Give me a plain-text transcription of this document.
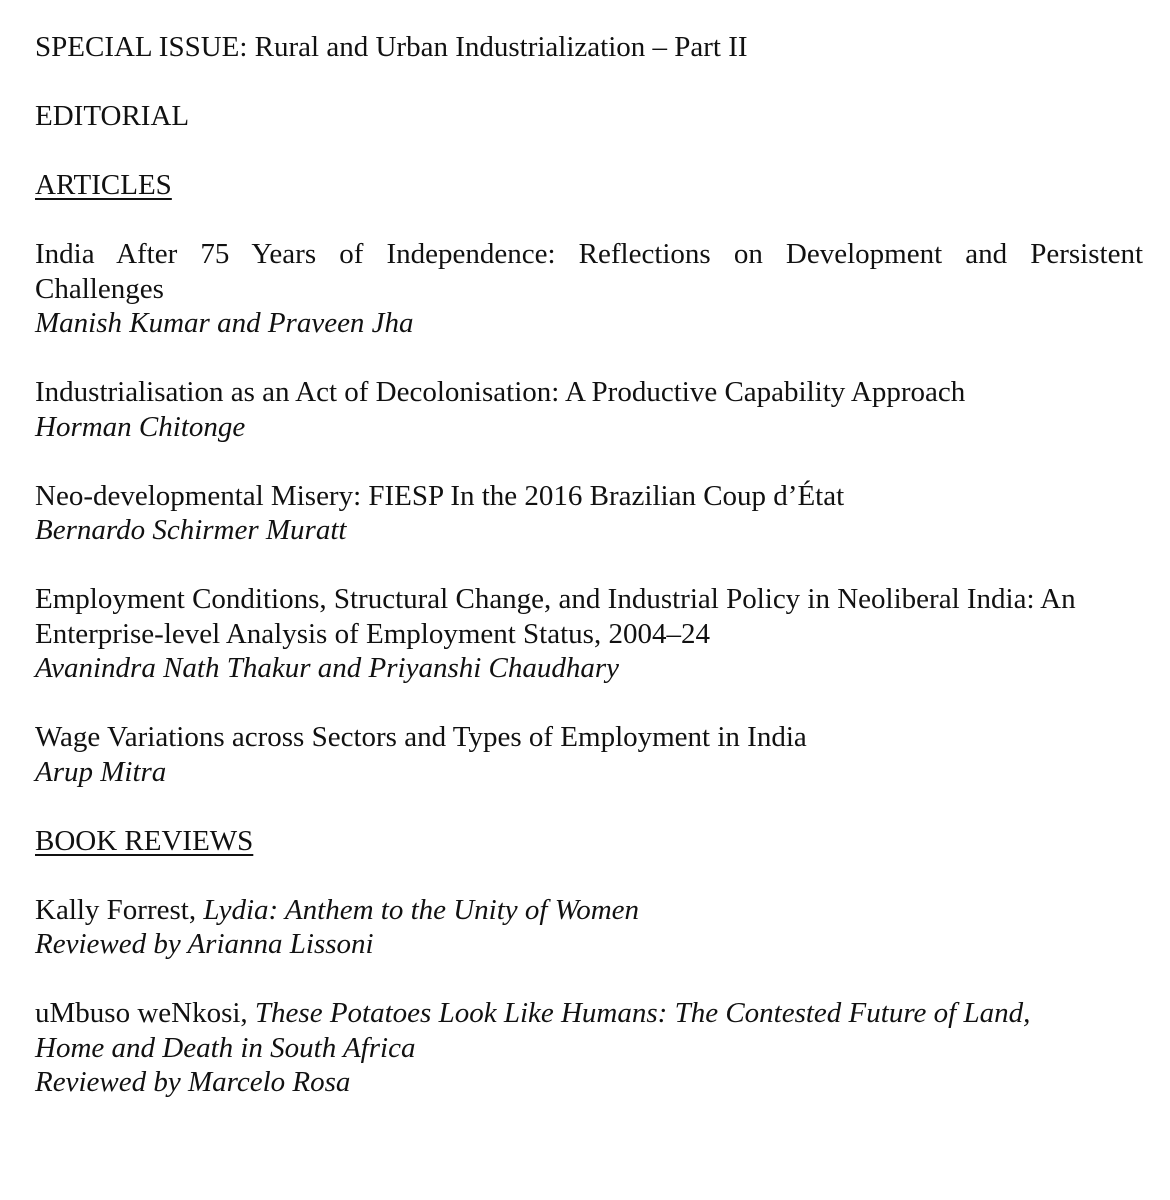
SPECIAL ISSUE: Rural and Urban Industrialization – Part II
EDITORIAL
ARTICLES
India After 75 Years of Independence: Reflections on Development and Persistent
Challenges
Manish Kumar and Praveen Jha
Industrialisation as an Act of Decolonisation: A Productive Capability Approach
Horman Chitonge
Neo-developmental Misery: FIESP In the 2016 Brazilian Coup d’État
Bernardo Schirmer Muratt
Employment Conditions, Structural Change, and Industrial Policy in Neoliberal India: An
Enterprise-level Analysis of Employment Status, 2004–24
Avanindra Nath Thakur and Priyanshi Chaudhary
Wage Variations across Sectors and Types of Employment in India
Arup Mitra
BOOK REVIEWS
Kally Forrest, Lydia: Anthem to the Unity of Women
Reviewed by Arianna Lissoni
uMbuso weNkosi, These Potatoes Look Like Humans: The Contested Future of Land,
Home and Death in South Africa
Reviewed by Marcelo Rosa
